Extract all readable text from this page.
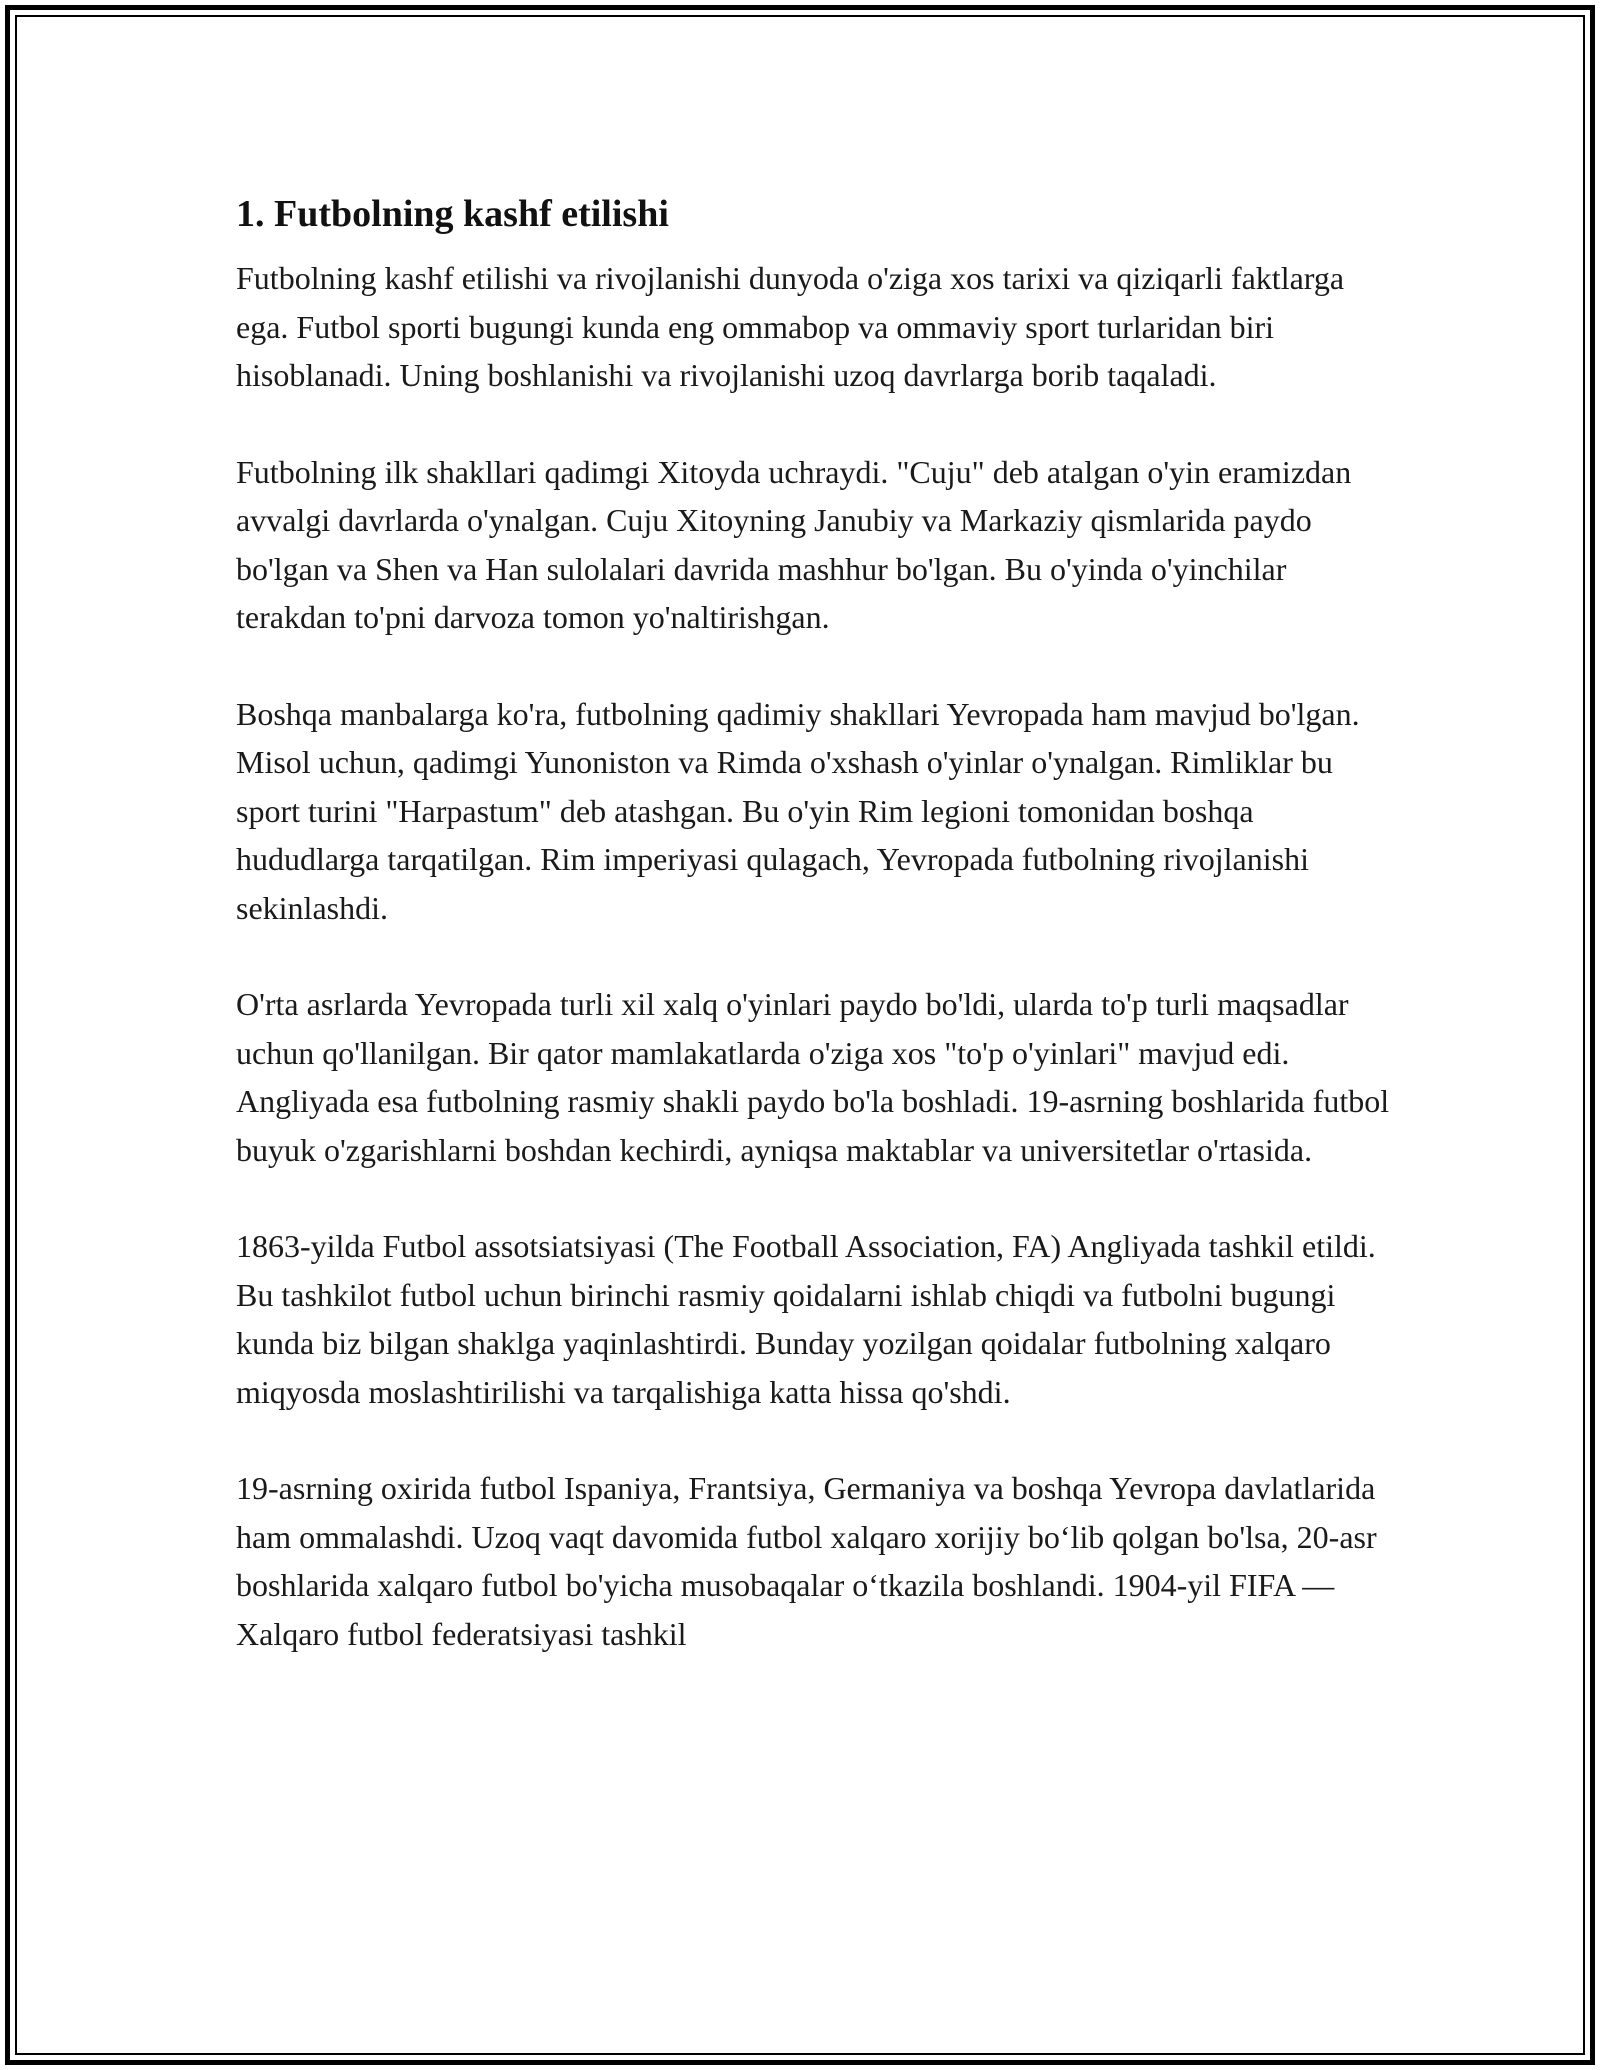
1. Futbolning kashf etilishi

Futbolning kashf etilishi va rivojlanishi dunyoda o'ziga xos tarixi va qiziqarli faktlarga ega. Futbol sporti bugungi kunda eng ommabop va ommaviy sport turlaridan biri hisoblanadi. Uning boshlanishi va rivojlanishi uzoq davrlarga borib taqaladi.

Futbolning ilk shakllari qadimgi Xitoyda uchraydi. "Cuju" deb atalgan o'yin eramizdan avvalgi davrlarda o'ynalgan. Cuju Xitoyning Janubiy va Markaziy qismlarida paydo bo'lgan va Shen va Han sulolalari davrida mashhur bo'lgan. Bu o'yinda o'yinchilar terakdan to'pni darvoza tomon yo'naltirishgan.

Boshqa manbalarga ko'ra, futbolning qadimiy shakllari Yevropada ham mavjud bo'lgan. Misol uchun, qadimgi Yunoniston va Rimda o'xshash o'yinlar o'ynalgan. Rimliklar bu sport turini "Harpastum" deb atashgan. Bu o'yin Rim legioni tomonidan boshqa hududlarga tarqatilgan. Rim imperiyasi qulagach, Yevropada futbolning rivojlanishi sekinlashdi.

O'rta asrlarda Yevropada turli xil xalq o'yinlari paydo bo'ldi, ularda to'p turli maqsadlar uchun qo'llanilgan. Bir qator mamlakatlarda o'ziga xos "to'p o'yinlari" mavjud edi. Angliyada esa futbolning rasmiy shakli paydo bo'la boshladi. 19-asrning boshlarida futbol buyuk o'zgarishlarni boshdan kechirdi, ayniqsa maktablar va universitetlar o'rtasida.

1863-yilda Futbol assotsiatsiyasi (The Football Association, FA) Angliyada tashkil etildi. Bu tashkilot futbol uchun birinchi rasmiy qoidalarni ishlab chiqdi va futbolni bugungi kunda biz bilgan shaklga yaqinlashtirdi. Bunday yozilgan qoidalar futbolning xalqaro miqyosda moslashtirilishi va tarqalishiga katta hissa qo'shdi.

19-asrning oxirida futbol Ispaniya, Frantsiya, Germaniya va boshqa Yevropa davlatlarida ham ommalashdi. Uzoq vaqt davomida futbol xalqaro xorijiy bo‘lib qolgan bo'lsa, 20-asr boshlarida xalqaro futbol bo'yicha musobaqalar o‘tkazila boshlandi. 1904-yil FIFA — Xalqaro futbol federatsiyasi tashkil
